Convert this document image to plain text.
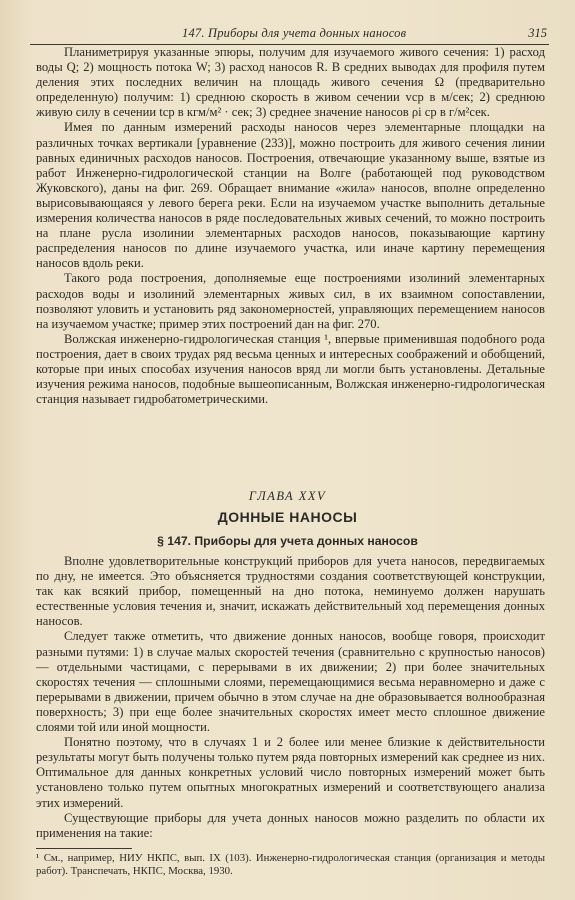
147. Приборы для учета донных наносов	315

Планиметрируя указанные эпюры, получим для изучаемого живого сечения: 1) расход воды Q; 2) мощность потока W; 3) расход наносов R. В средних выводах для профиля путем деления этих последних величин на площадь живого сечения Ω (предварительно определенную) получим: 1) среднюю скорость в живом сечении vср в м/сек; 2) среднюю живую силу в сечении tср в кгм/м² · сек; 3) среднее значение наносов ρi ср в г/м²сек.

Имея по данным измерений расходы наносов через элементарные площадки на различных точках вертикали [уравнение (233)], можно построить для живого сечения линии равных единичных расходов наносов. Построения, отвечающие указанному выше, взятые из работ Инженерно-гидрологической станции на Волге (работающей под руководством Жуковского), даны на фиг. 269. Обращает внимание «жила» наносов, вполне определенно вырисовывающаяся у левого берега реки. Если на изучаемом участке выполнить детальные измерения количества наносов в ряде последовательных живых сечений, то можно построить на плане русла изолинии элементарных расходов наносов, показывающие картину распределения наносов по длине изучаемого участка, или иначе картину перемещения наносов вдоль реки.

Такого рода построения, дополняемые еще построениями изолиний элементарных расходов воды и изолиний элементарных живых сил, в их взаимном сопоставлении, позволяют уловить и установить ряд закономерностей, управляющих перемещением наносов на изучаемом участке; пример этих построений дан на фиг. 270.

Волжская инженерно-гидрологическая станция ¹, впервые применившая подобного рода построения, дает в своих трудах ряд весьма ценных и интересных соображений и обобщений, которые при иных способах изучения наносов вряд ли могли быть установлены. Детальные изучения режима наносов, подобные вышеописанным, Волжская инженерно-гидрологическая станция называет гидробатометрическими.

ГЛАВА XXV
ДОННЫЕ НАНОСЫ
§ 147. Приборы для учета донных наносов

Вполне удовлетворительные конструкций приборов для учета наносов, передвигаемых по дну, не имеется. Это объясняется трудностями создания соответствующей конструкции, так как всякий прибор, помещенный на дно потока, неминуемо должен нарушать естественные условия течения и, значит, искажать действительный ход перемещения донных наносов.

Следует также отметить, что движение донных наносов, вообще говоря, происходит разными путями: 1) в случае малых скоростей течения (сравнительно с крупностью наносов) — отдельными частицами, с перерывами в их движении; 2) при более значительных скоростях течения — сплошными слоями, перемещающимися весьма неравномерно и даже с перерывами в движении, причем обычно в этом случае на дне образовывается волнообразная поверхность; 3) при еще более значительных скоростях имеет место сплошное движение слоями той или иной мощности.

Понятно поэтому, что в случаях 1 и 2 более или менее близкие к действительности результаты могут быть получены только путем ряда повторных измерений как среднее из них. Оптимальное для данных конкретных условий число повторных измерений может быть установлено только путем опытных многократных измерений и соответствующего анализа этих измерений.

Существующие приборы для учета донных наносов можно разделить по области их применения на такие:

¹ См., например, НИУ НКПС, вып. IX (103). Инженерно-гидрологическая станция (организация и методы работ). Транспечать, НКПС, Москва, 1930.
